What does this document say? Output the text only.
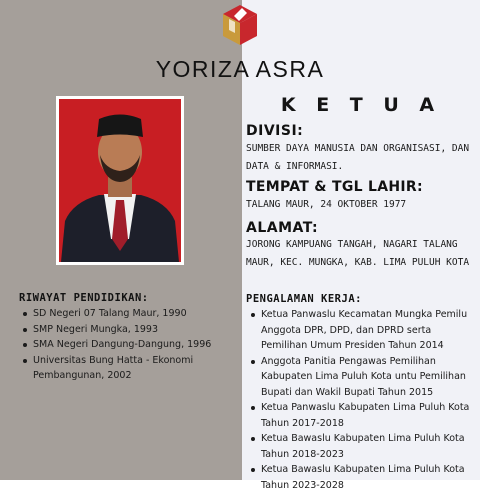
YORIZA ASRA
K E T U A
DIVISI:
SUMBER DAYA MANUSIA DAN ORGANISASI, DAN DATA & INFORMASI.
TEMPAT & TGL LAHIR:
TALANG MAUR, 24 OKTOBER 1977
ALAMAT:
JORONG KAMPUANG TANGAH, NAGARI TALANG MAUR, KEC. MUNGKA, KAB. LIMA PULUH KOTA
RIWAYAT PENDIDIKAN:
SD Negeri 07 Talang Maur, 1990
SMP Negeri Mungka, 1993
SMA Negeri Dangung-Dangung, 1996
Universitas Bung Hatta - Ekonomi Pembangunan, 2002
PENGALAMAN KERJA:
Ketua Panwaslu Kecamatan Mungka Pemilu Anggota DPR, DPD, dan DPRD serta Pemilihan Umum Presiden Tahun 2014
Anggota Panitia Pengawas Pemilihan Kabupaten Lima Puluh Kota untu Pemilihan Bupati dan Wakil Bupati Tahun 2015
Ketua Panwaslu Kabupaten Lima Puluh Kota Tahun 2017-2018
Ketua Bawaslu Kabupaten Lima Puluh Kota Tahun 2018-2023
Ketua Bawaslu Kabupaten Lima Puluh Kota Tahun 2023-2028
